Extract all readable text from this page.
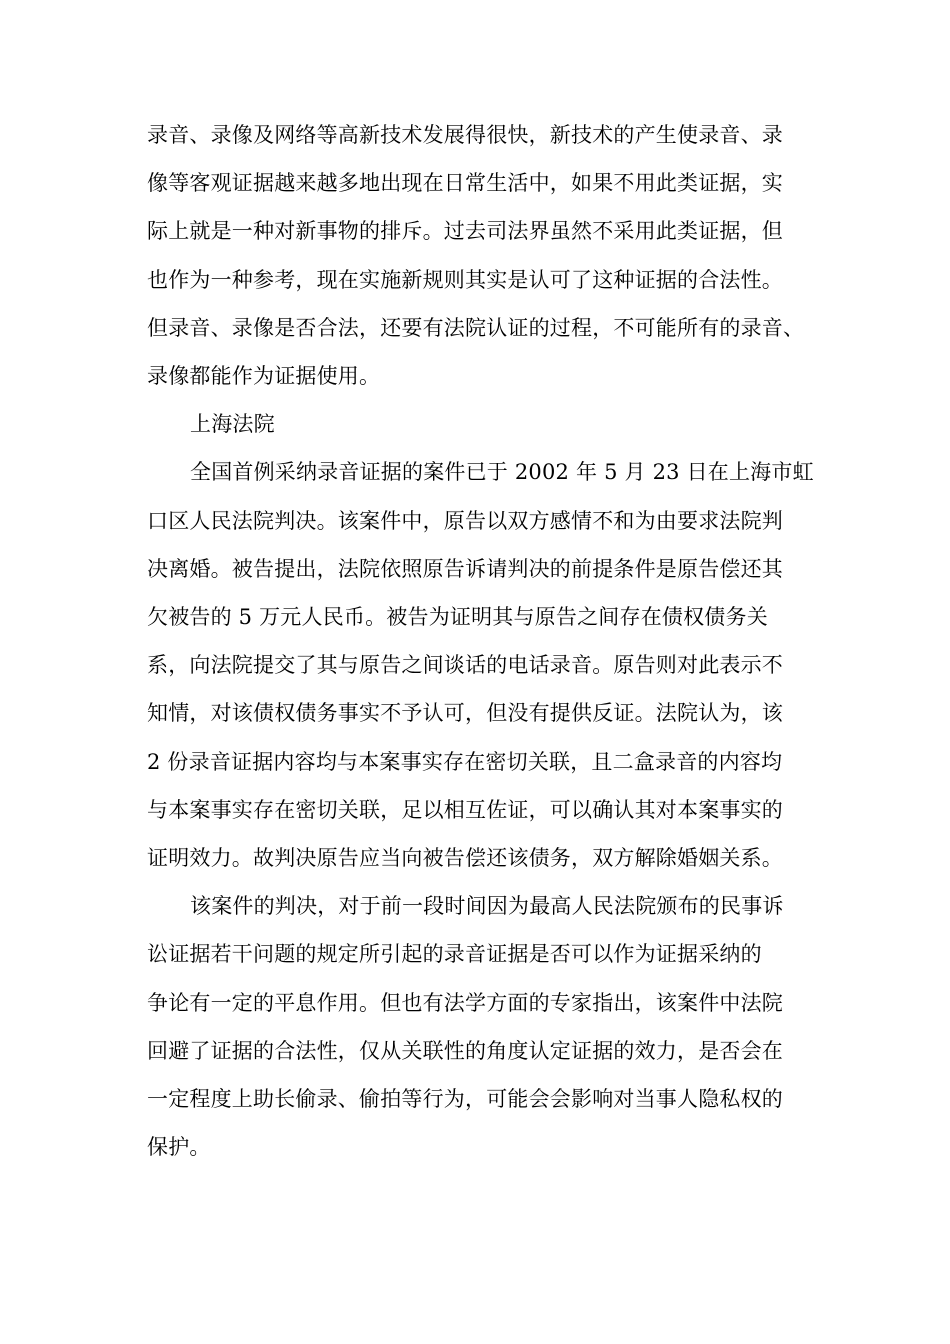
录音、录像及网络等高新技术发展得很快，新技术的产生使录音、录
像等客观证据越来越多地出现在日常生活中，如果不用此类证据，实
际上就是一种对新事物的排斥。过去司法界虽然不采用此类证据，但
也作为一种参考，现在实施新规则其实是认可了这种证据的合法性。
但录音、录像是否合法，还要有法院认证的过程，不可能所有的录音、
录像都能作为证据使用。

上海法院

全国首例采纳录音证据的案件已于 2002 年 5 月 23 日在上海市虹
口区人民法院判决。该案件中，原告以双方感情不和为由要求法院判
决离婚。被告提出，法院依照原告诉请判决的前提条件是原告偿还其
欠被告的 5 万元人民币。被告为证明其与原告之间存在债权债务关
系，向法院提交了其与原告之间谈话的电话录音。原告则对此表示不
知情，对该债权债务事实不予认可，但没有提供反证。法院认为，该
2 份录音证据内容均与本案事实存在密切关联，且二盒录音的内容均
与本案事实存在密切关联，足以相互佐证，可以确认其对本案事实的
证明效力。故判决原告应当向被告偿还该债务，双方解除婚姻关系。

该案件的判决，对于前一段时间因为最高人民法院颁布的民事诉
讼证据若干问题的规定所引起的录音证据是否可以作为证据采纳的
争论有一定的平息作用。但也有法学方面的专家指出，该案件中法院
回避了证据的合法性，仅从关联性的角度认定证据的效力，是否会在
一定程度上助长偷录、偷拍等行为，可能会会影响对当事人隐私权的
保护。
